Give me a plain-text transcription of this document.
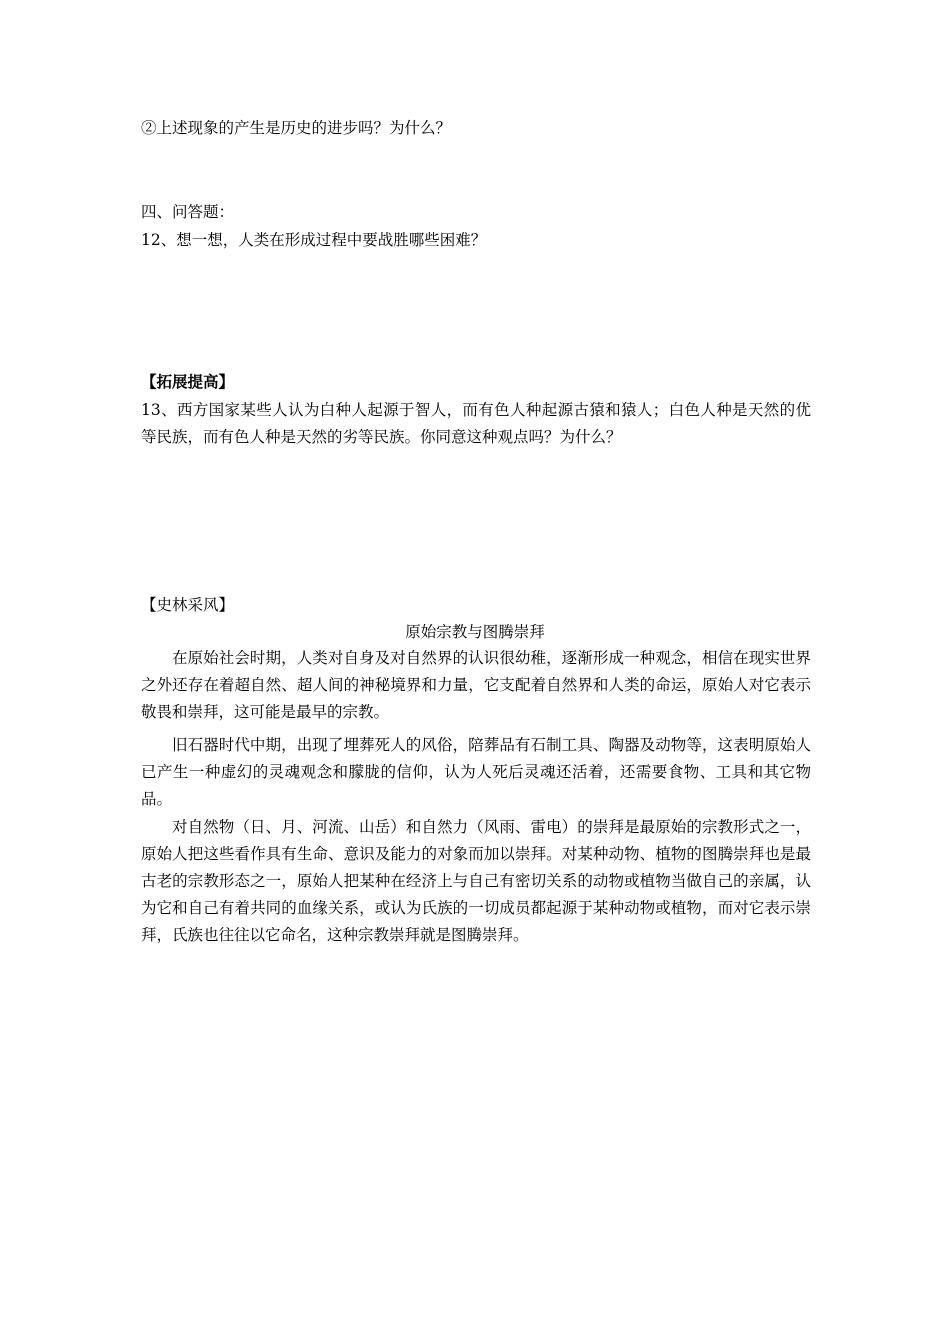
②上述现象的产生是历史的进步吗？为什么？
四、问答题：
12、想一想，人类在形成过程中要战胜哪些困难？
【拓展提高】
13、西方国家某些人认为白种人起源于智人，而有色人种起源古猿和猿人；白色人种是天然的优等民族，而有色人种是天然的劣等民族。你同意这种观点吗？为什么？
【史林采风】
原始宗教与图腾崇拜
在原始社会时期，人类对自身及对自然界的认识很幼稚，逐渐形成一种观念，相信在现实世界之外还存在着超自然、超人间的神秘境界和力量，它支配着自然界和人类的命运，原始人对它表示敬畏和崇拜，这可能是最早的宗教。
旧石器时代中期，出现了埋葬死人的风俗，陪葬品有石制工具、陶器及动物等，这表明原始人已产生一种虚幻的灵魂观念和朦胧的信仰，认为人死后灵魂还活着，还需要食物、工具和其它物品。
对自然物（日、月、河流、山岳）和自然力（风雨、雷电）的崇拜是最原始的宗教形式之一，原始人把这些看作具有生命、意识及能力的对象而加以崇拜。对某种动物、植物的图腾崇拜也是最古老的宗教形态之一，原始人把某种在经济上与自己有密切关系的动物或植物当做自己的亲属，认为它和自己有着共同的血缘关系，或认为氏族的一切成员都起源于某种动物或植物，而对它表示崇拜，氏族也往往以它命名，这种宗教崇拜就是图腾崇拜。
